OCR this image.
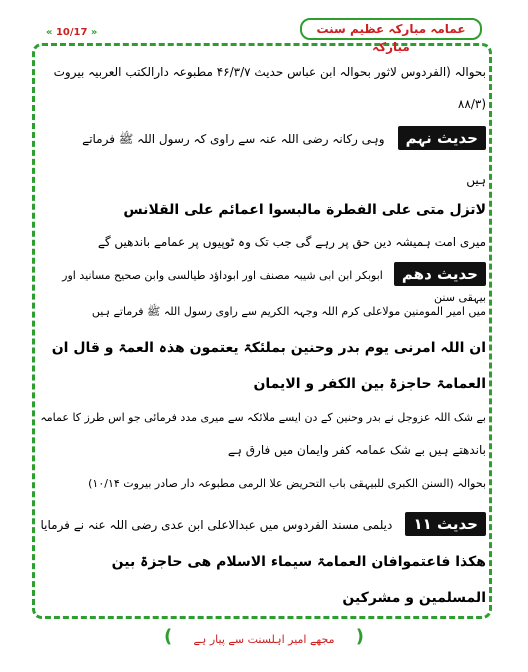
« 10/17 »	عمامہ مبارکہ عظیم سنت مبارکہ
بحوالہ (الفردوس لاثور بحوالہ ابن عباس حدیث ۴۶/۳/۷ مطبوعہ دارالکتب العربیہ بیروت
(۸۸/۳
حدیث نہم وہی رکانہ رضی اللہ عنہ سے راوی کہ رسول اللہ ﷺ فرماتے
ہیں
لاتزل متی علی الفطرة مالبسوا اعمائم علی القلانس
میری امت ہمیشہ دین حق پر رہے گی جب تک وہ ٹوپیوں پر عمامے باندھیں گے
حدیث دھم ابوبکر ابن ابی شیبہ مصنف اور ابوداؤد طیالسی وابن صحیح مسانید اور بیہقی سنن
میں امیر المومنین مولاعلی کرم اللہ وجہہ الکریم سے راوی رسول اللہ ﷺ فرماتے ہیں
ان اللہ امرنی یوم بدر وحنین بملئکۃ یعتمون ھذہ العمۃ و قال ان
العمامۃ حاجزۃ بین الکفر و الایمان
بے شک اللہ عزوجل نے بدر وحنین کے دن ایسے ملائکہ سے میری مدد فرمائی جو اس طرز کا عمامہ
باندھتے ہیں بے شک عمامہ کفر وایمان میں فارق ہے
بحوالہ (السنن الکبری للبیہقی باب التحریض علا الرمی مطبوعہ دار صادر بیروت ۱۰/۱۴)
حدیث ۱۱ دیلمی مسند الفردوس میں عبدالاعلی ابن عدی رضی اللہ عنہ نے فرمایا
ھکذا فاعتموافان العمامۃ سیماء الاسلام ھی حاجزۃ بین
المسلمین و مشرکین
(
مجھے امیر اہلسنت سے پیار ہے
)
